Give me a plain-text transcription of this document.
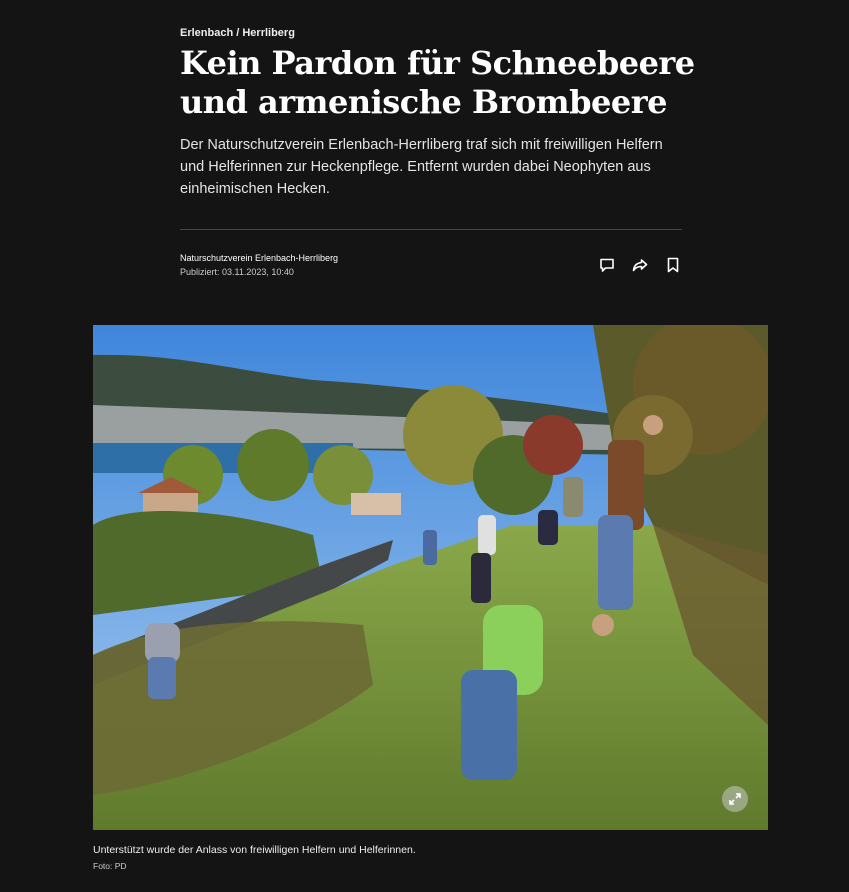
Erlenbach / Herrliberg
Kein Pardon für Schneebeere und armenische Brombeere

Der Naturschutzverein Erlenbach-Herrliberg traf sich mit freiwilligen Helfern und Helferinnen zur Heckenpflege. Entfernt wurden dabei Neophyten aus einheimischen Hecken.

Naturschutzverein Erlenbach-Herrliberg
Publiziert: 03.11.2023, 10:40
Unterstützt wurde der Anlass von freiwilligen Helfern und Helferinnen.
Foto: PD
